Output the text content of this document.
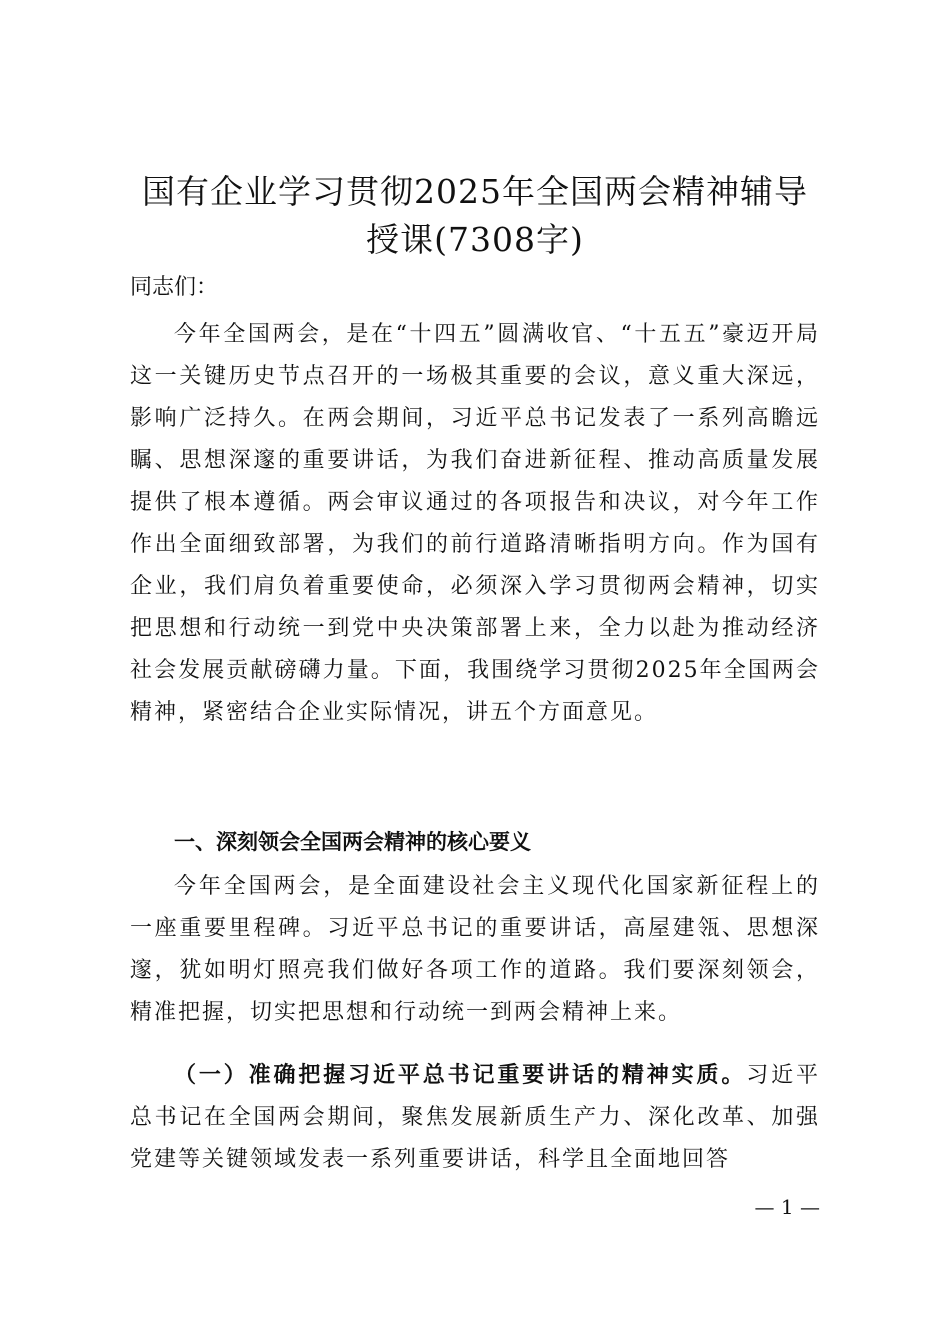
国有企业学习贯彻2025年全国两会精神辅导授课(7308字)
同志们：
今年全国两会，是在“十四五”圆满收官、“十五五”豪迈开局这一关键历史节点召开的一场极其重要的会议，意义重大深远，影响广泛持久。在两会期间，习近平总书记发表了一系列高瞻远瞩、思想深邃的重要讲话，为我们奋进新征程、推动高质量发展提供了根本遵循。两会审议通过的各项报告和决议，对今年工作作出全面细致部署，为我们的前行道路清晰指明方向。作为国有企业，我们肩负着重要使命，必须深入学习贯彻两会精神，切实把思想和行动统一到党中央决策部署上来，全力以赴为推动经济社会发展贡献磅礴力量。下面，我围绕学习贯彻2025年全国两会精神，紧密结合企业实际情况，讲五个方面意见。
一、深刻领会全国两会精神的核心要义
今年全国两会，是全面建设社会主义现代化国家新征程上的一座重要里程碑。习近平总书记的重要讲话，高屋建瓴、思想深邃，犹如明灯照亮我们做好各项工作的道路。我们要深刻领会，精准把握，切实把思想和行动统一到两会精神上来。
（一）准确把握习近平总书记重要讲话的精神实质。习近平总书记在全国两会期间，聚焦发展新质生产力、深化改革、加强党建等关键领域发表一系列重要讲话，科学且全面地回答
— 1 —
